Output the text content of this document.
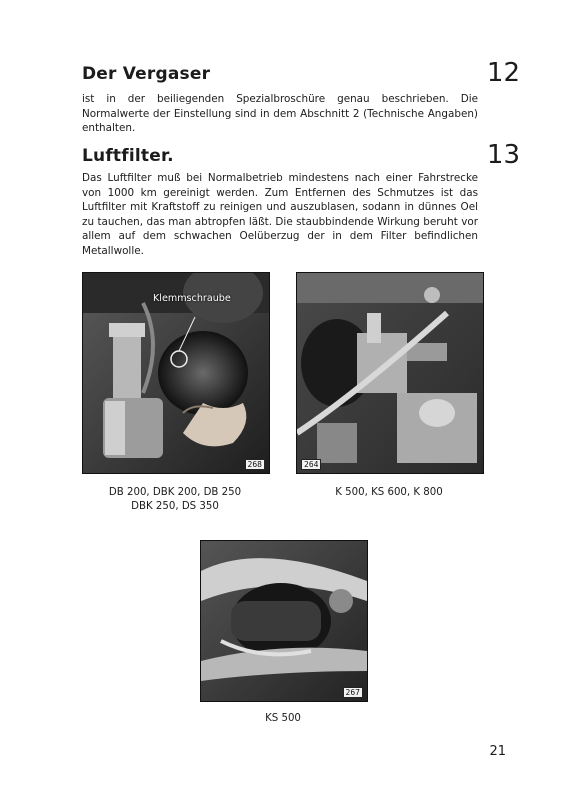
Der Vergaser	12
ist in der beiliegenden Spezialbroschüre genau beschrieben. Die Normalwerte der Einstellung sind in dem Abschnitt 2 (Technische Angaben) enthalten.
Luftfilter.	13
Das Luftfilter muß bei Normalbetrieb mindestens nach einer Fahrstrecke von 1000 km gereinigt werden. Zum Entfernen des Schmutzes ist das Luftfilter mit Kraftstoff zu reinigen und auszublasen, sodann in dünnes Oel zu tauchen, das man abtropfen läßt. Die staubbindende Wirkung beruht vor allem auf dem schwachen Oelüberzug der in dem Filter befindlichen Metallwolle.
Klemmschraube
268
DB 200, DBK 200, DB 250
DBK 250, DS 350
264
K 500, KS 600, K 800
267
KS 500
21
